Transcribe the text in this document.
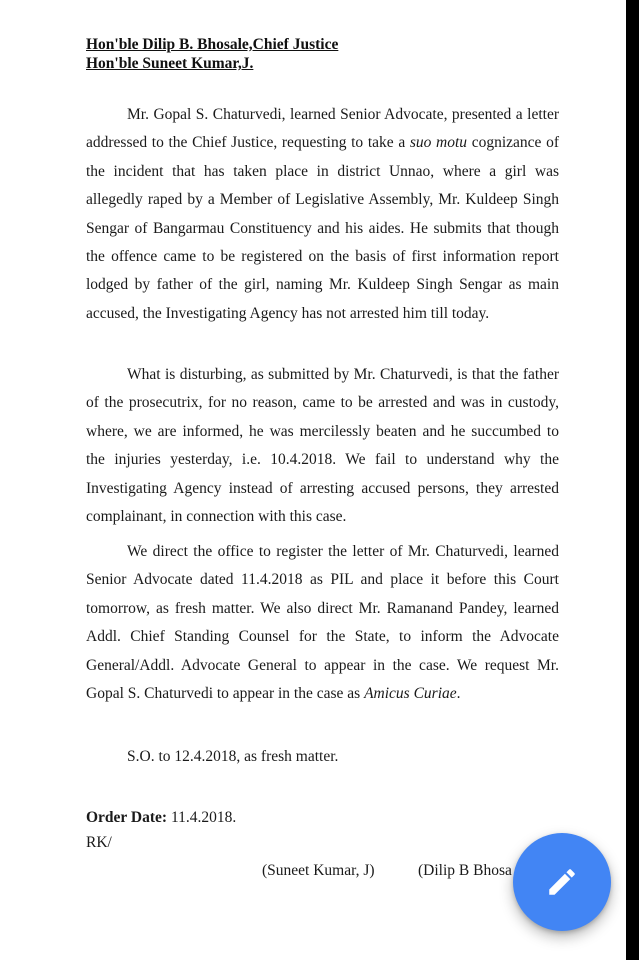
Hon'ble Dilip B. Bhosale,Chief Justice
Hon'ble Suneet Kumar,J.

Mr. Gopal S. Chaturvedi, learned Senior Advocate, presented a letter addressed to the Chief Justice, requesting to take a suo motu cognizance of the incident that has taken place in district Unnao, where a girl was allegedly raped by a Member of Legislative Assembly, Mr. Kuldeep Singh Sengar of Bangarmau Constituency and his aides. He submits that though the offence came to be registered on the basis of first information report lodged by father of the girl, naming Mr. Kuldeep Singh Sengar as main accused, the Investigating Agency has not arrested him till today.

What is disturbing, as submitted by Mr. Chaturvedi, is that the father of the prosecutrix, for no reason, came to be arrested and was in custody, where, we are informed, he was mercilessly beaten and he succumbed to the injuries yesterday, i.e. 10.4.2018. We fail to understand why the Investigating Agency instead of arresting accused persons, they arrested complainant, in connection with this case.

We direct the office to register the letter of Mr. Chaturvedi, learned Senior Advocate dated 11.4.2018 as PIL and place it before this Court tomorrow, as fresh matter. We also direct Mr. Ramanand Pandey, learned Addl. Chief Standing Counsel for the State, to inform the Advocate General/Addl. Advocate General to appear in the case. We request Mr. Gopal S. Chaturvedi to appear in the case as Amicus Curiae.

S.O. to 12.4.2018, as fresh matter.
Order Date: 11.4.2018.
RK/
(Suneet Kumar, J)	(Dilip B Bhosa
